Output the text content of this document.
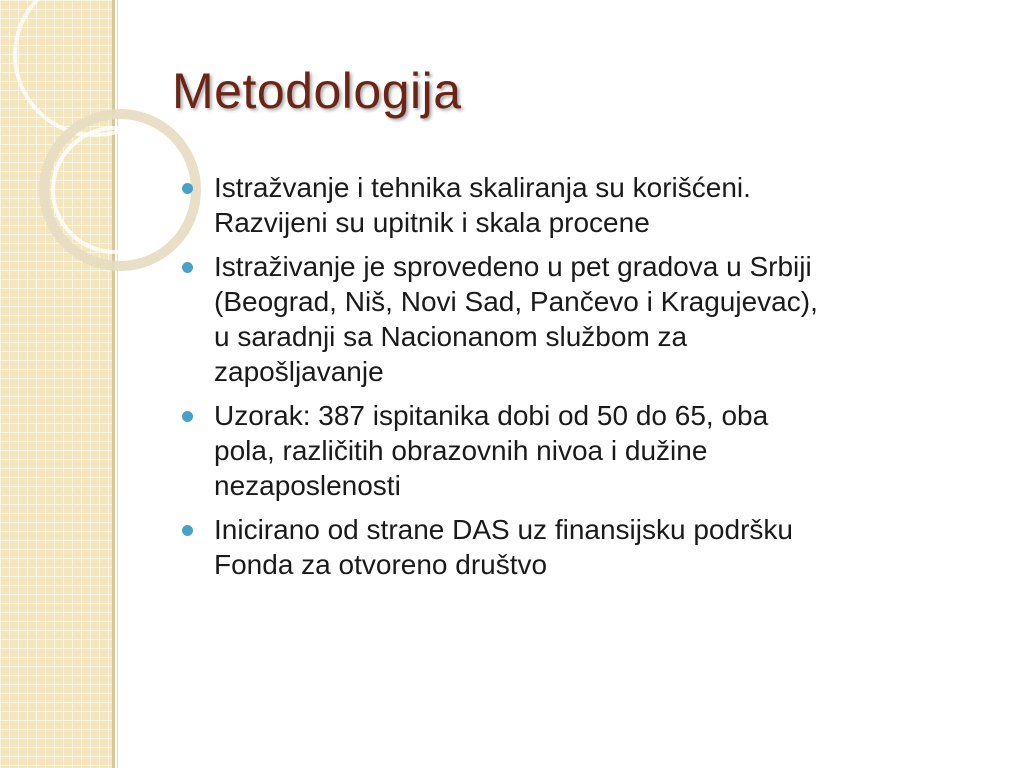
Metodologija
Istražvanje i tehnika skaliranja su korišćeni.
Razvijeni su upitnik i skala procene
Istraživanje je sprovedeno u pet gradova u Srbiji
(Beograd, Niš, Novi Sad, Pančevo i Kragujevac),
u saradnji sa Nacionanom službom za
zapošljavanje
Uzorak: 387 ispitanika dobi od 50 do 65, oba
pola, različitih obrazovnih nivoa i dužine
nezaposlenosti
Inicirano od strane DAS uz finansijsku podršku
Fonda za otvoreno društvo
